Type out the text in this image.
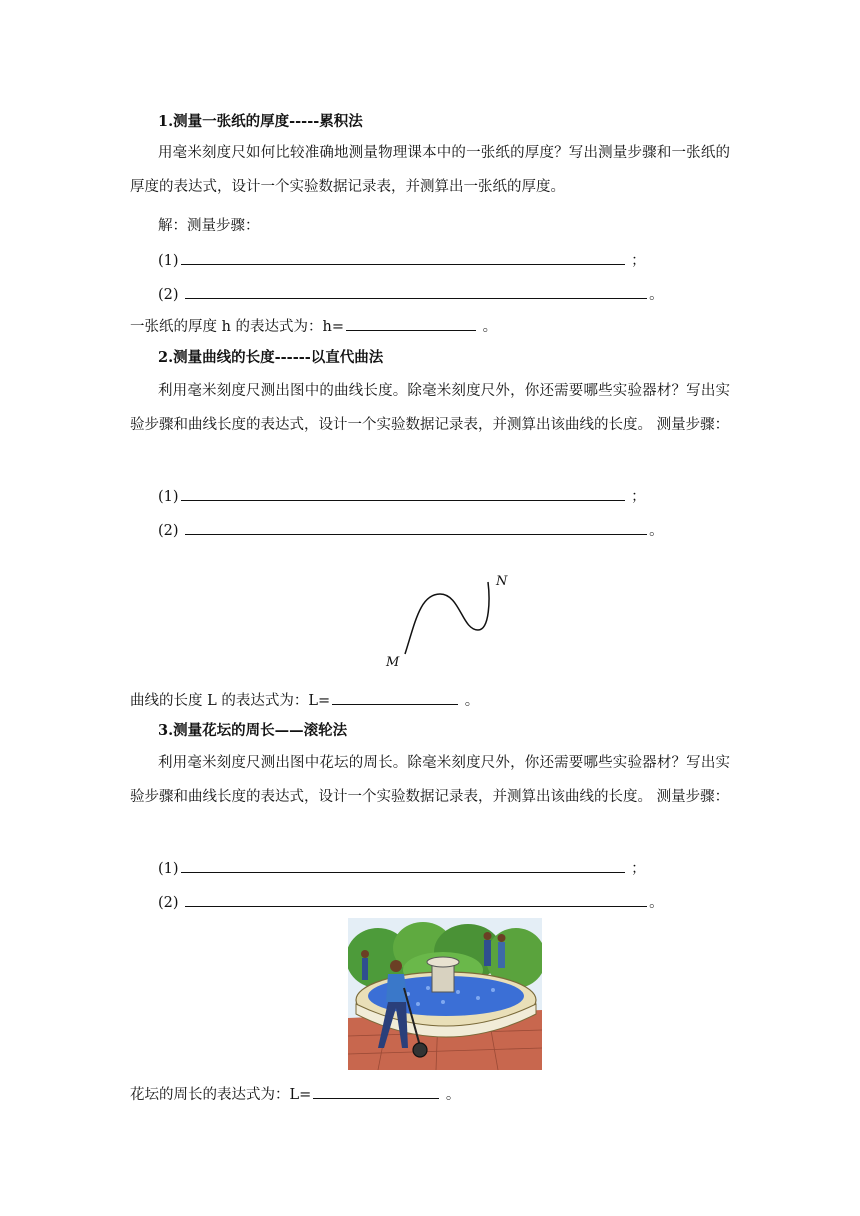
1.测量一张纸的厚度-----累积法
用毫米刻度尺如何比较准确地测量物理课本中的一张纸的厚度？写出测量步骤和一张纸的厚度的表达式，设计一个实验数据记录表，并测算出一张纸的厚度。
解：测量步骤：
(1)	；
(2)	。
一张纸的厚度 h 的表达式为：h=	。
2.测量曲线的长度------以直代曲法
利用毫米刻度尺测出图中的曲线长度。除毫米刻度尺外，你还需要哪些实验器材？写出实验步骤和曲线长度的表达式，设计一个实验数据记录表，并测算出该曲线的长度。 测量步骤：
(1)	；
(2)	。
M
N
曲线的长度 L 的表达式为：L=	。
3.测量花坛的周长——滚轮法
利用毫米刻度尺测出图中花坛的周长。除毫米刻度尺外，你还需要哪些实验器材？写出实验步骤和曲线长度的表达式，设计一个实验数据记录表，并测算出该曲线的长度。 测量步骤：
(1)	；
(2)	。
花坛的周长的表达式为：L=	。
